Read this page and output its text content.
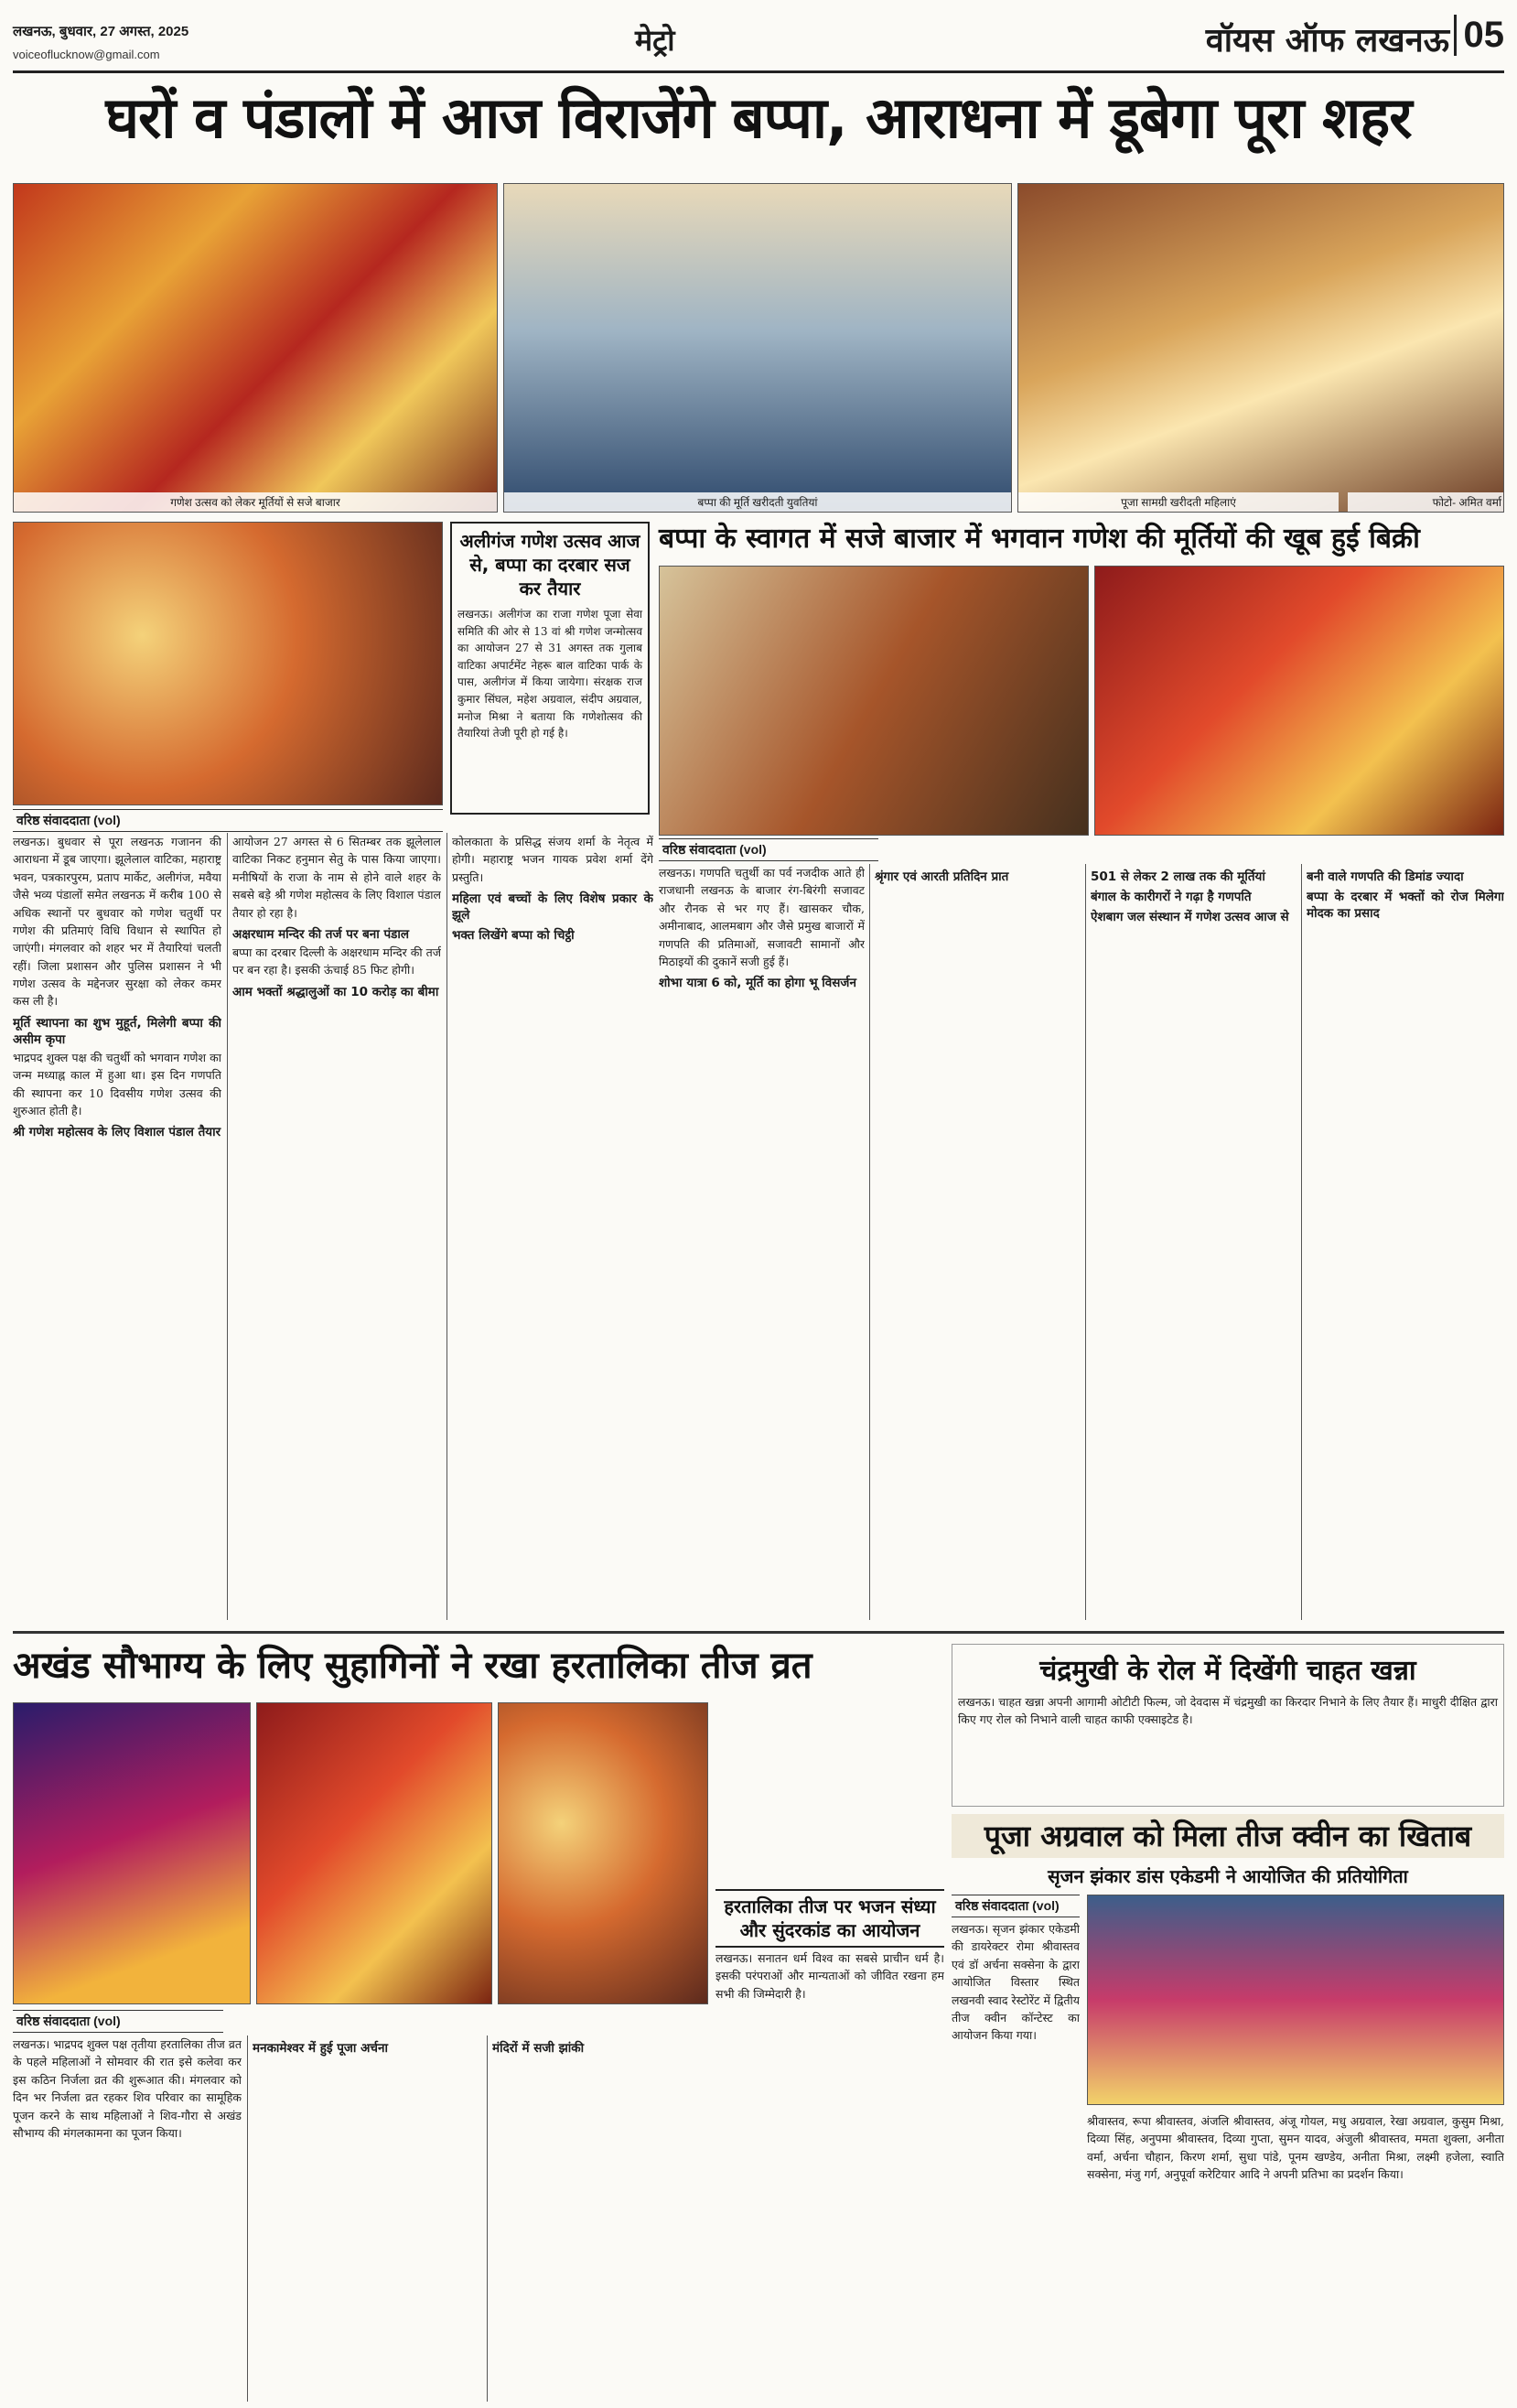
लखनऊ, बुधवार, 27 अगस्त, 2025
voiceoflucknow@gmail.com	मेट्रो	वॉयस ऑफ लखनऊ 05
घरों व पंडालों में आज विराजेंगे बप्पा, आराधना में डूबेगा पूरा शहर
गणेश उत्सव को लेकर मूर्तियों से सजे बाजार	बप्पा की मूर्ति खरीदती युवतियां	पूजा सामग्री खरीदती महिलाएं	फोटो- अमित वर्मा
वरिष्ठ संवाददाता (vol)
अलीगंज गणेश उत्सव आज से, बप्पा का दरबार सज कर तैयार
लखनऊ। अलीगंज का राजा गणेश पूजा सेवा समिति की ओर से 13 वां श्री गणेश जन्मोत्सव का आयोजन 27 से 31 अगस्त तक गुलाब वाटिका अपार्टमेंट नेहरू बाल वाटिका पार्क के पास, अलीगंज में किया जायेगा। संरक्षक राज कुमार सिंघल, महेश अग्रवाल, संदीप अग्रवाल, मनोज मिश्रा ने बताया कि गणेशोत्सव की तैयारियां तेजी पूरी हो गई है।
बप्पा के स्वागत में सजे बाजार में भगवान गणेश की मूर्तियों की खूब हुई बिक्री
वरिष्ठ संवाददाता (vol)

लखनऊ। बुधवार से पूरा लखनऊ गजानन की आराधना में डूब जाएगा। झूलेलाल वाटिका, महाराष्ट्र भवन, पत्रकारपुरम, प्रताप मार्केट, अलीगंज, मवैया जैसे भव्य पंडालों समेत लखनऊ में करीब 100 से अधिक स्थानों पर बुधवार को गणेश चतुर्थी पर गणेश की प्रतिमाएं विधि विधान से स्थापित हो जाएंगी। मंगलवार को शहर भर में तैयारियां चलती रहीं। जिला प्रशासन और पुलिस प्रशासन ने भी गणेश उत्सव के मद्देनजर सुरक्षा को लेकर कमर कस ली है।

मूर्ति स्थापना का शुभ मुहूर्त, मिलेगी बप्पा की असीम कृपा

भाद्रपद शुक्ल पक्ष की चतुर्थी को भगवान गणेश का जन्म मध्याह्न काल में हुआ था। इस दिन गणपति की स्थापना कर 10 दिवसीय गणेश उत्सव की शुरुआत होती है।

श्री गणेश महोत्सव के लिए विशाल पंडाल तैयार

आयोजन 27 अगस्त से 6 सितम्बर तक झूलेलाल वाटिका निकट हनुमान सेतु के पास किया जाएगा। मनीषियों के राजा के नाम से होने वाले शहर के सबसे बड़े श्री गणेश महोत्सव के लिए विशाल पंडाल तैयार हो रहा है।

अक्षरधाम मन्दिर की तर्ज पर बना पंडाल

बप्पा का दरबार दिल्ली के अक्षरधाम मन्दिर की तर्ज पर बन रहा है। इसकी ऊंचाई 85 फिट होगी।

आम भक्तों श्रद्धालुओं का 10 करोड़ का बीमा

कोलकाता के प्रसिद्ध संजय शर्मा के नेतृत्व में होगी। महाराष्ट्र भजन गायक प्रवेश शर्मा देंगे प्रस्तुति।

महिला एवं बच्चों के लिए विशेष प्रकार के झूले
भक्त लिखेंगे बप्पा को चिट्ठी

लखनऊ। गणपति चतुर्थी का पर्व नजदीक आते ही राजधानी लखनऊ के बाजार रंग-बिरंगी सजावट और रौनक से भर गए हैं। खासकर चौक, अमीनाबाद, आलमबाग और जैसे प्रमुख बाजारों में गणपति की प्रतिमाओं, सजावटी सामानों और मिठाइयों की दुकानें सजी हुई हैं।

शोभा यात्रा 6 को, मूर्ति का होगा भू विसर्जन
श्रृंगार एवं आरती प्रतिदिन प्रात	501 से लेकर 2 लाख तक की मूर्तियां
बंगाल के कारीगरों ने गढ़ा है गणपति
ऐशबाग जल संस्थान में गणेश उत्सव आज से
बनी वाले गणपति की डिमांड ज्यादा
बप्पा के दरबार में भक्तों को रोज मिलेगा मोदक का प्रसाद
अखंड सौभाग्य के लिए सुहागिनों ने रखा हरतालिका तीज व्रत
वरिष्ठ संवाददाता (vol)

लखनऊ। भाद्रपद शुक्ल पक्ष तृतीया हरतालिका तीज व्रत के पहले महिलाओं ने सोमवार की रात इसे कलेवा कर इस कठिन निर्जला व्रत की शुरूआत की। मंगलवार को दिन भर निर्जला व्रत रहकर शिव परिवार का सामूहिक पूजन करने के साथ महिलाओं ने शिव-गौरा से अखंड सौभाग्य की मंगलकामना का पूजन किया।

मनकामेश्वर में हुई पूजा अर्चना	मंदिरों में सजी झांकी
हरतालिका तीज पर भजन संध्या और सुंदरकांड का आयोजन

लखनऊ। सनातन धर्म विश्व का सबसे प्राचीन धर्म है। इसकी परंपराओं और मान्यताओं को जीवित रखना हम सभी की जिम्मेदारी है।

चंद्रमुखी के रोल में दिखेंगी चाहत खन्ना
लखनऊ। चाहत खन्ना अपनी आगामी ओटीटी फिल्म, जो देवदास में चंद्रमुखी का किरदार निभाने के लिए तैयार हैं। माधुरी दीक्षित द्वारा किए गए रोल को निभाने वाली चाहत काफी एक्साइटेड है।
पूजा अग्रवाल को मिला तीज क्वीन का खिताब
सृजन झंकार डांस एकेडमी ने आयोजित की प्रतियोगिता
वरिष्ठ संवाददाता (vol)

लखनऊ। सृजन झंकार एकेडमी की डायरेक्टर रोमा श्रीवास्तव एवं डॉ अर्चना सक्सेना के द्वारा आयोजित विस्तार स्थित लखनवी स्वाद रेस्टोरेंट में द्वितीय तीज क्वीन कॉन्टेस्ट का आयोजन किया गया।

श्रीवास्तव, रूपा श्रीवास्तव, अंजलि श्रीवास्तव, अंजू गोयल, मधु अग्रवाल, रेखा अग्रवाल, कुसुम मिश्रा, दिव्या सिंह, अनुपमा श्रीवास्तव, दिव्या गुप्ता, सुमन यादव, अंजुली श्रीवास्तव, ममता शुक्ला, अनीता वर्मा, अर्चना चौहान, किरण शर्मा, सुधा पांडे, पूनम खण्डेय, अनीता मिश्रा, लक्ष्मी हजेला, स्वाति सक्सेना, मंजु गर्ग, अनुपूर्वा करेटियार आदि ने अपनी प्रतिभा का प्रदर्शन किया।
